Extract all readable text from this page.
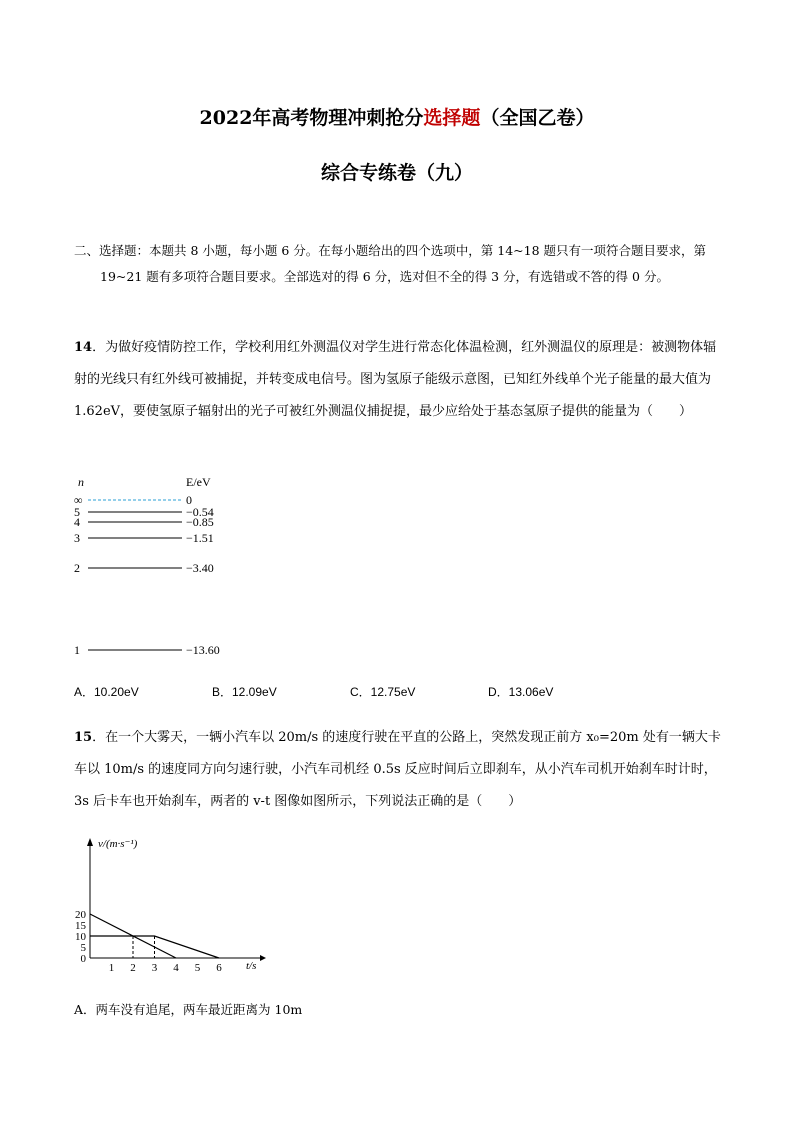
2022年高考物理冲刺抢分选择题（全国乙卷）
综合专练卷（九）
二、选择题：本题共 8 小题，每小题 6 分。在每小题给出的四个选项中，第 14~18 题只有一项符合题目要求，第 19~21 题有多项符合题目要求。全部选对的得 6 分，选对但不全的得 3 分，有选错或不答的得 0 分。
14．为做好疫情防控工作，学校利用红外测温仪对学生进行常态化体温检测，红外测温仪的原理是：被测物体辐射的光线只有红外线可被捕捉，并转变成电信号。图为氢原子能级示意图，已知红外线单个光子能量的最大值为 1.62eV，要使氢原子辐射出的光子可被红外测温仪捕捉提，最少应给处于基态氢原子提供的能量为（　　）
n	E/eV
∞	0
5	−0.54
4	−0.85
3	−1.51
2	−3.40
1	−13.60
A．10.20eV	B．12.09eV	C．12.75eV	D．13.06eV
15．在一个大雾天，一辆小汽车以 20m/s 的速度行驶在平直的公路上，突然发现正前方 x₀=20m 处有一辆大卡车以 10m/s 的速度同方向匀速行驶，小汽车司机经 0.5s 反应时间后立即刹车，从小汽车司机开始刹车时计时，3s 后卡车也开始刹车，两者的 v-t 图像如图所示，下列说法正确的是（　　）
v/(m·s⁻¹)
t/s
1 2 3 4 5 6
0
5
10
15
20
A．两车没有追尾，两车最近距离为 10m
